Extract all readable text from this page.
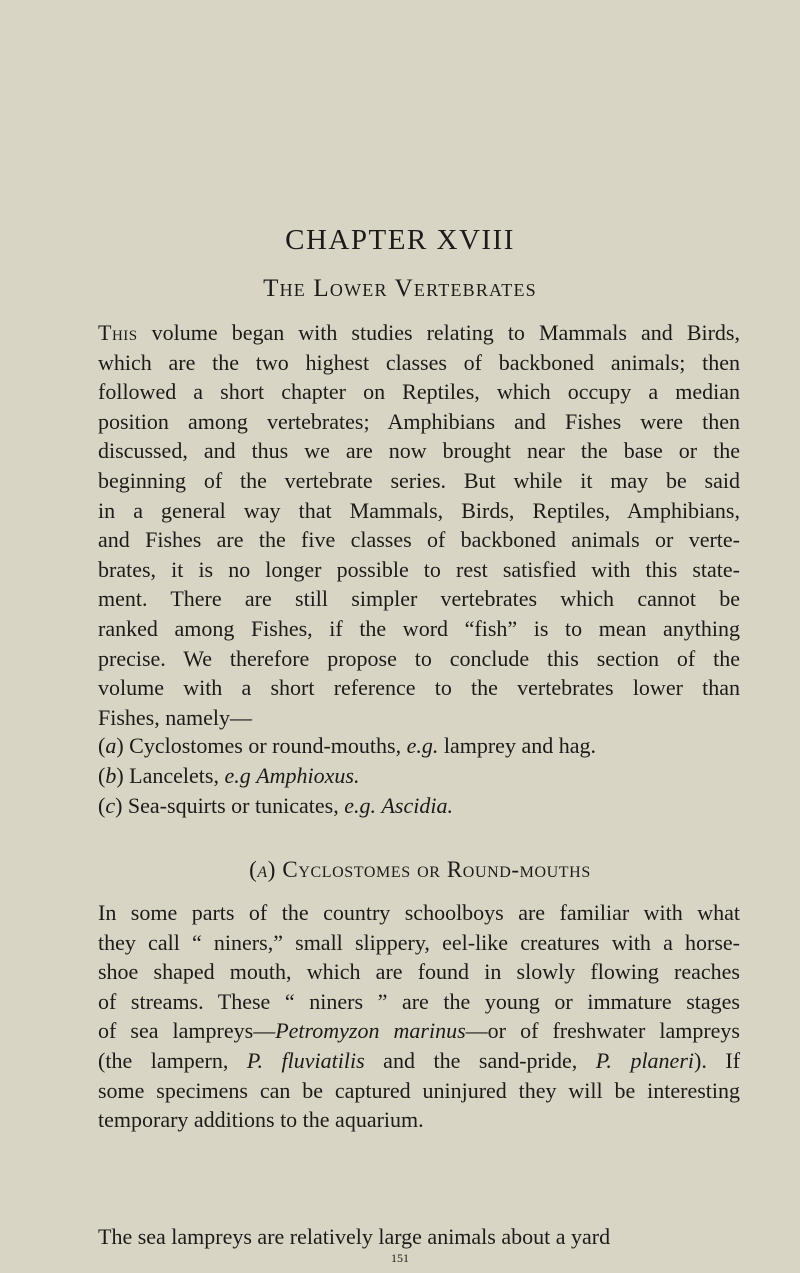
CHAPTER XVIII
The Lower Vertebrates
This volume began with studies relating to Mammals and Birds,
which are the two highest classes of backboned animals; then
followed a short chapter on Reptiles, which occupy a median
position among vertebrates; Amphibians and Fishes were then
discussed, and thus we are now brought near the base or the
beginning of the vertebrate series. But while it may be said
in a general way that Mammals, Birds, Reptiles, Amphibians,
and Fishes are the five classes of backboned animals or verte-
brates, it is no longer possible to rest satisfied with this state-
ment. There are still simpler vertebrates which cannot be
ranked among Fishes, if the word “fish” is to mean anything
precise. We therefore propose to conclude this section of the
volume with a short reference to the vertebrates lower than
Fishes, namely—
(a) Cyclostomes or round-mouths, e.g. lamprey and hag.
(b) Lancelets, e.g Amphioxus.
(c) Sea-squirts or tunicates, e.g. Ascidia.
(a) Cyclostomes or Round-mouths
In some parts of the country schoolboys are familiar with what
they call “ niners,” small slippery, eel-like creatures with a horse-
shoe shaped mouth, which are found in slowly flowing reaches
of streams. These “ niners ” are the young or immature stages
of sea lampreys—Petromyzon marinus—or of freshwater lampreys
(the lampern, P. fluviatilis and the sand-pride, P. planeri). If
some specimens can be captured uninjured they will be interesting
temporary additions to the aquarium.
The sea lampreys are relatively large animals about a yard
151
